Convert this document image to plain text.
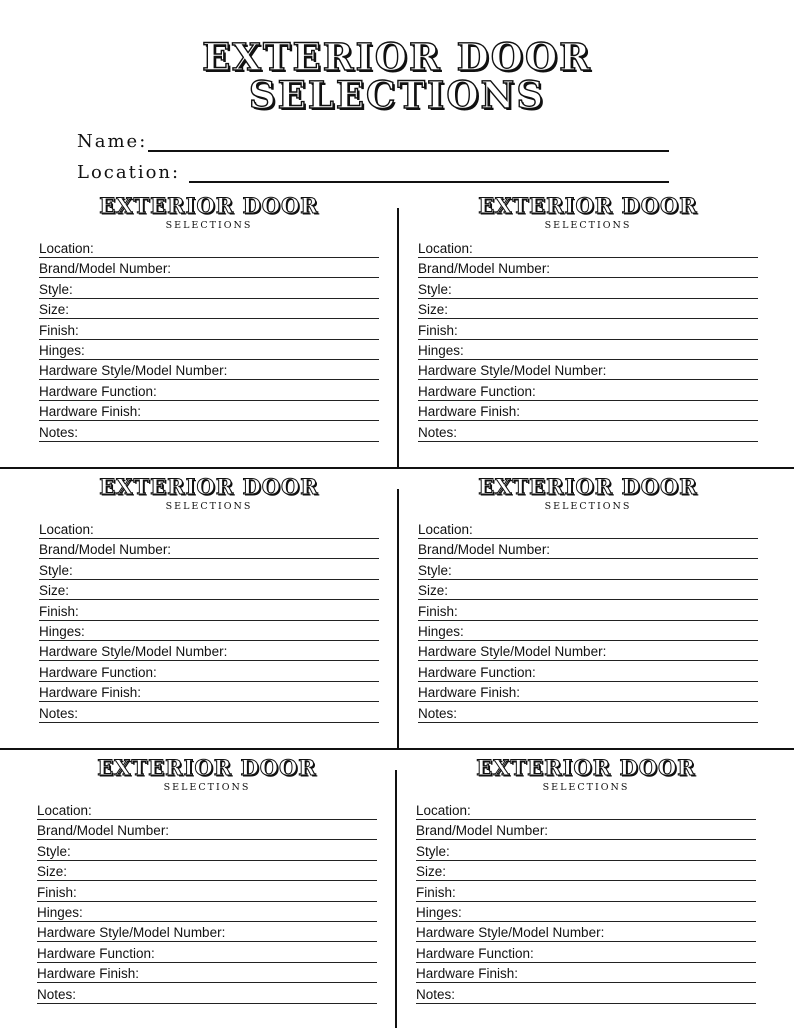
EXTERIOR DOOR
SELECTIONS
Name:
Location:
EXTERIOR DOOR
SELECTIONS
Location:
Brand/Model Number:
Style:
Size:
Finish:
Hinges:
Hardware Style/Model Number:
Hardware Function:
Hardware Finish:
Notes:
EXTERIOR DOOR
SELECTIONS
Location:
Brand/Model Number:
Style:
Size:
Finish:
Hinges:
Hardware Style/Model Number:
Hardware Function:
Hardware Finish:
Notes:
EXTERIOR DOOR
SELECTIONS
Location:
Brand/Model Number:
Style:
Size:
Finish:
Hinges:
Hardware Style/Model Number:
Hardware Function:
Hardware Finish:
Notes:
EXTERIOR DOOR
SELECTIONS
Location:
Brand/Model Number:
Style:
Size:
Finish:
Hinges:
Hardware Style/Model Number:
Hardware Function:
Hardware Finish:
Notes:
EXTERIOR DOOR
SELECTIONS
Location:
Brand/Model Number:
Style:
Size:
Finish:
Hinges:
Hardware Style/Model Number:
Hardware Function:
Hardware Finish:
Notes:
EXTERIOR DOOR
SELECTIONS
Location:
Brand/Model Number:
Style:
Size:
Finish:
Hinges:
Hardware Style/Model Number:
Hardware Function:
Hardware Finish:
Notes:
